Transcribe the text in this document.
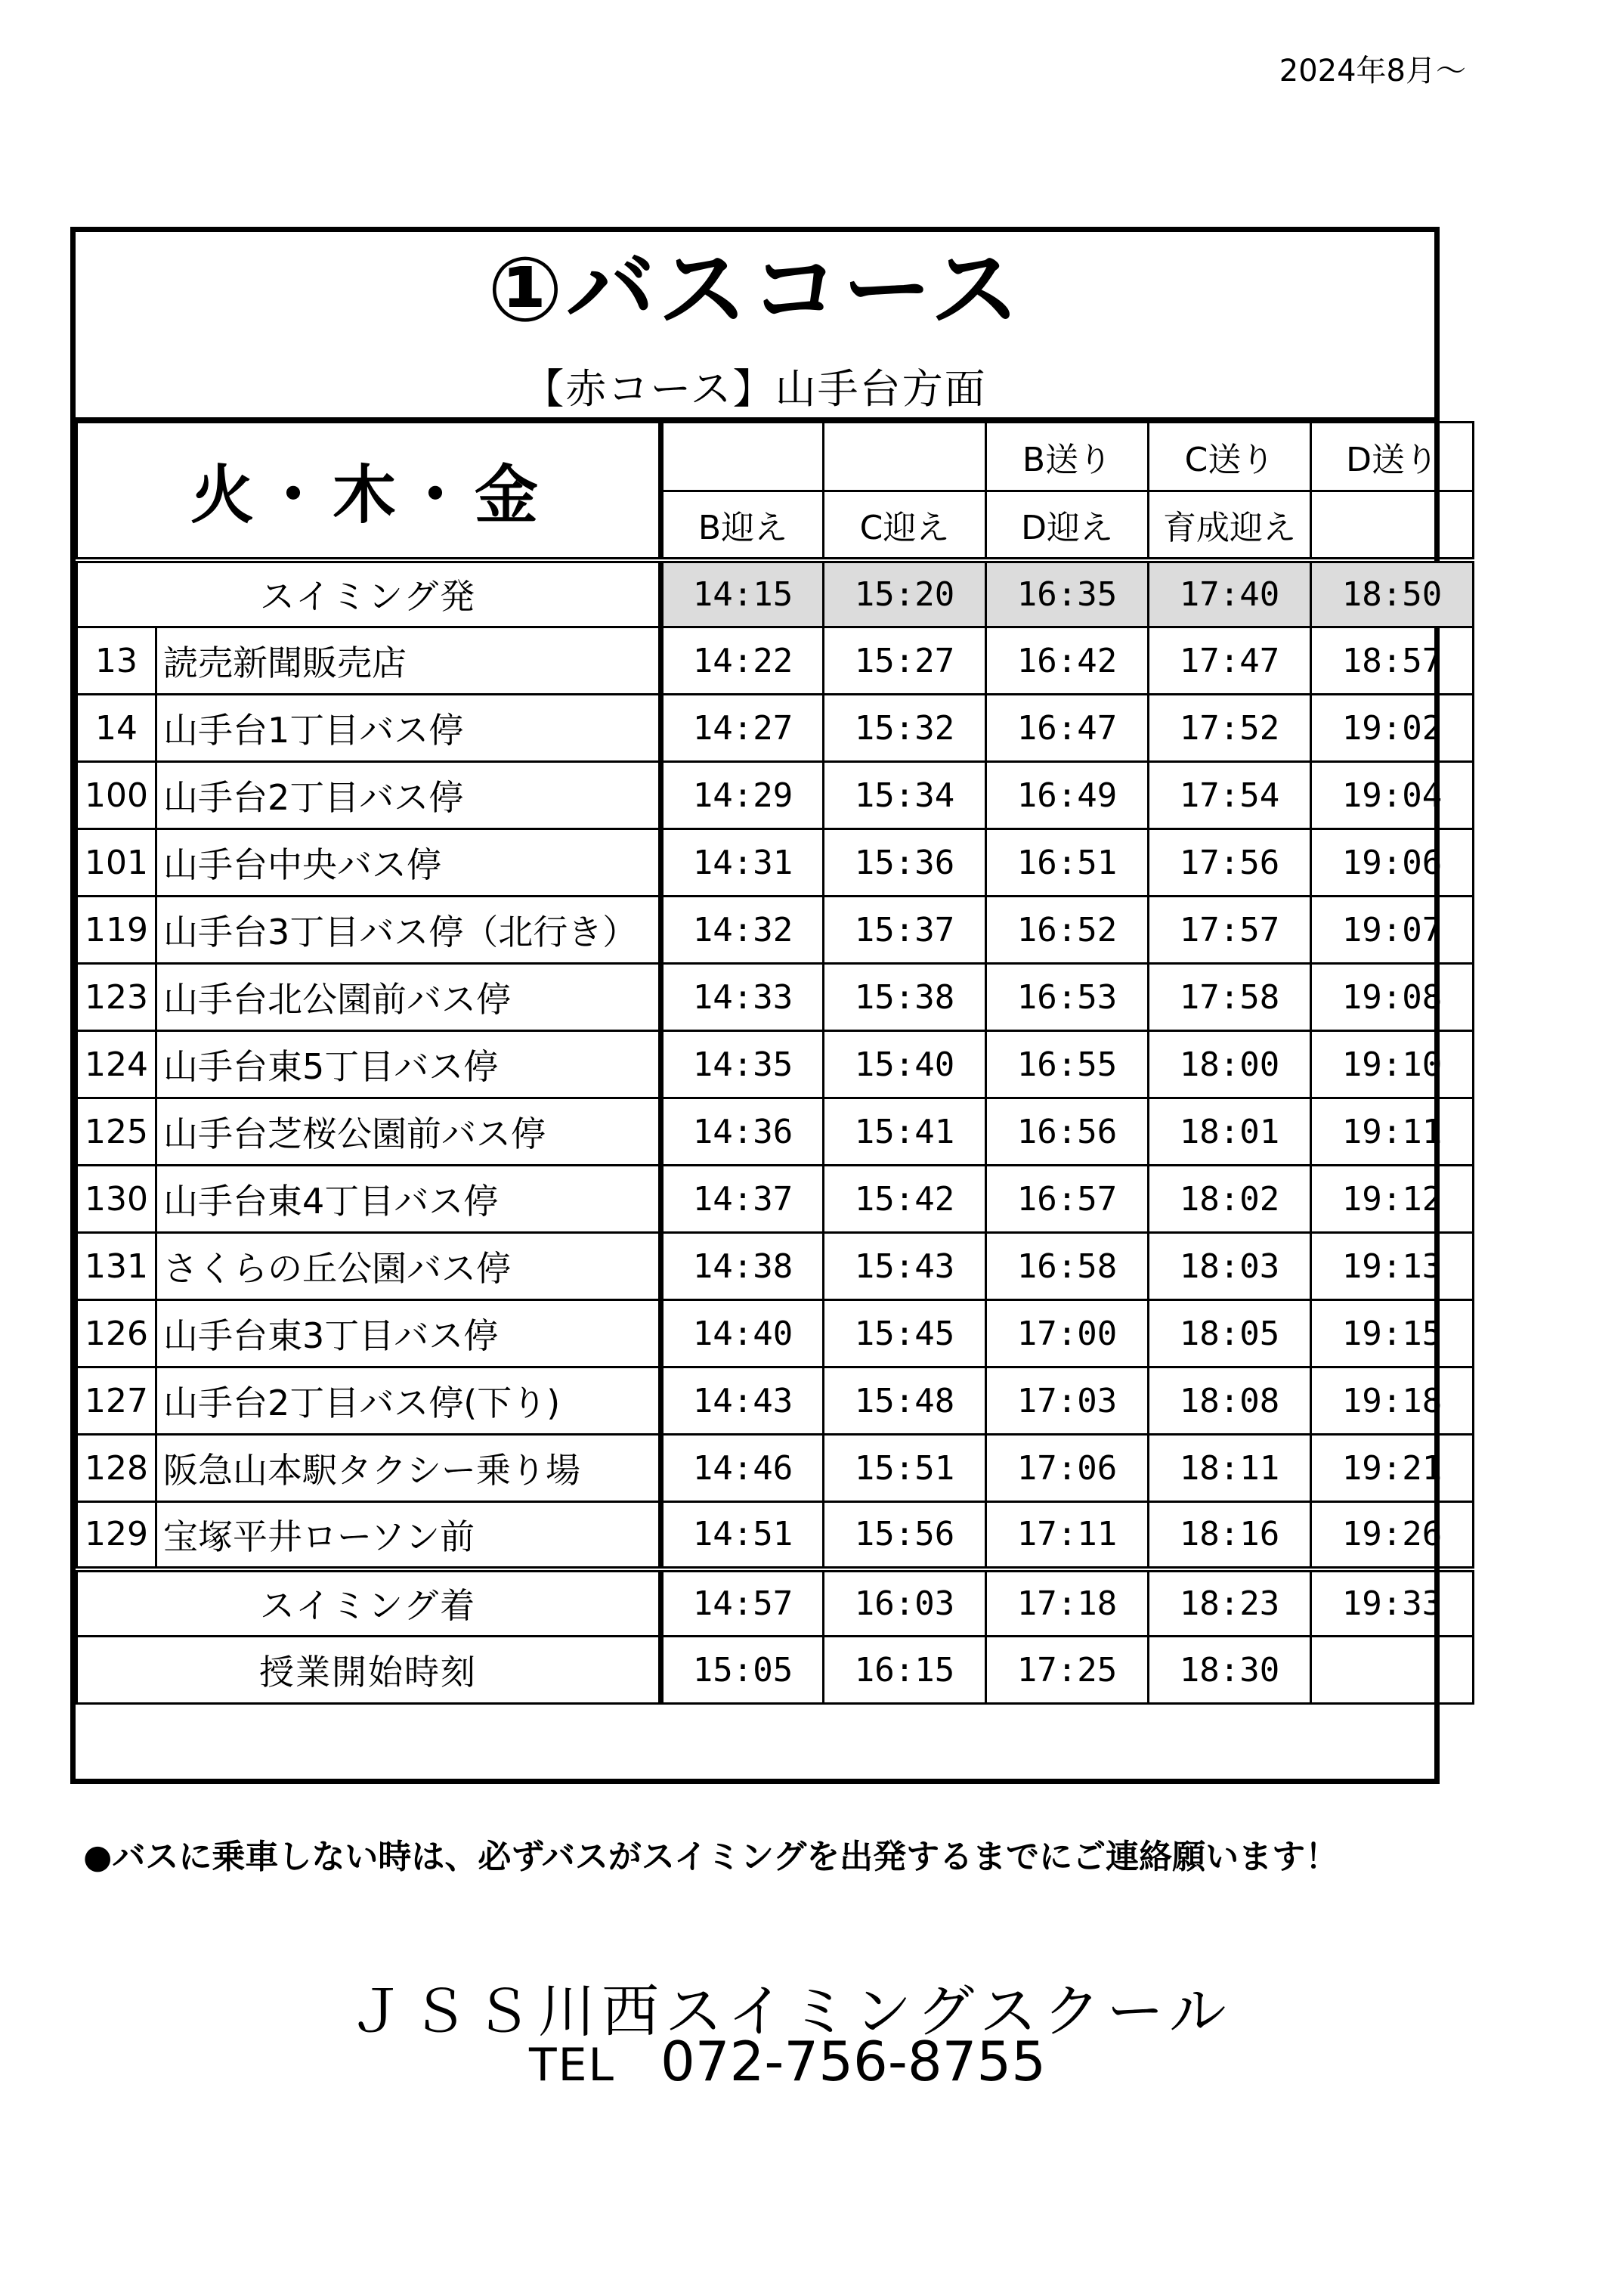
2024年8月～
①バスコース
【赤コース】山手台方面
火・木・金				B送り	C送り	D送り
		B迎え	C迎え	D迎え	育成迎え	
スイミング発		14:15	15:20	16:35	17:40	18:50
13	読売新聞販売店	14:22	15:27	16:42	17:47	18:57
14	山手台1丁目バス停	14:27	15:32	16:47	17:52	19:02
100	山手台2丁目バス停	14:29	15:34	16:49	17:54	19:04
101	山手台中央バス停	14:31	15:36	16:51	17:56	19:06
119	山手台3丁目バス停（北行き）	14:32	15:37	16:52	17:57	19:07
123	山手台北公園前バス停	14:33	15:38	16:53	17:58	19:08
124	山手台東5丁目バス停	14:35	15:40	16:55	18:00	19:10
125	山手台芝桜公園前バス停	14:36	15:41	16:56	18:01	19:11
130	山手台東4丁目バス停	14:37	15:42	16:57	18:02	19:12
131	さくらの丘公園バス停	14:38	15:43	16:58	18:03	19:13
126	山手台東3丁目バス停	14:40	15:45	17:00	18:05	19:15
127	山手台2丁目バス停(下り)	14:43	15:48	17:03	18:08	19:18
128	阪急山本駅タクシー乗り場	14:46	15:51	17:06	18:11	19:21
129	宝塚平井ローソン前	14:51	15:56	17:11	18:16	19:26
スイミング着		14:57	16:03	17:18	18:23	19:33
授業開始時刻		15:05	16:15	17:25	18:30	
●バスに乗車しない時は、必ずバスがスイミングを出発するまでにご連絡願います！
ＪＳＳ川西スイミングスクール
TEL 072-756-8755
